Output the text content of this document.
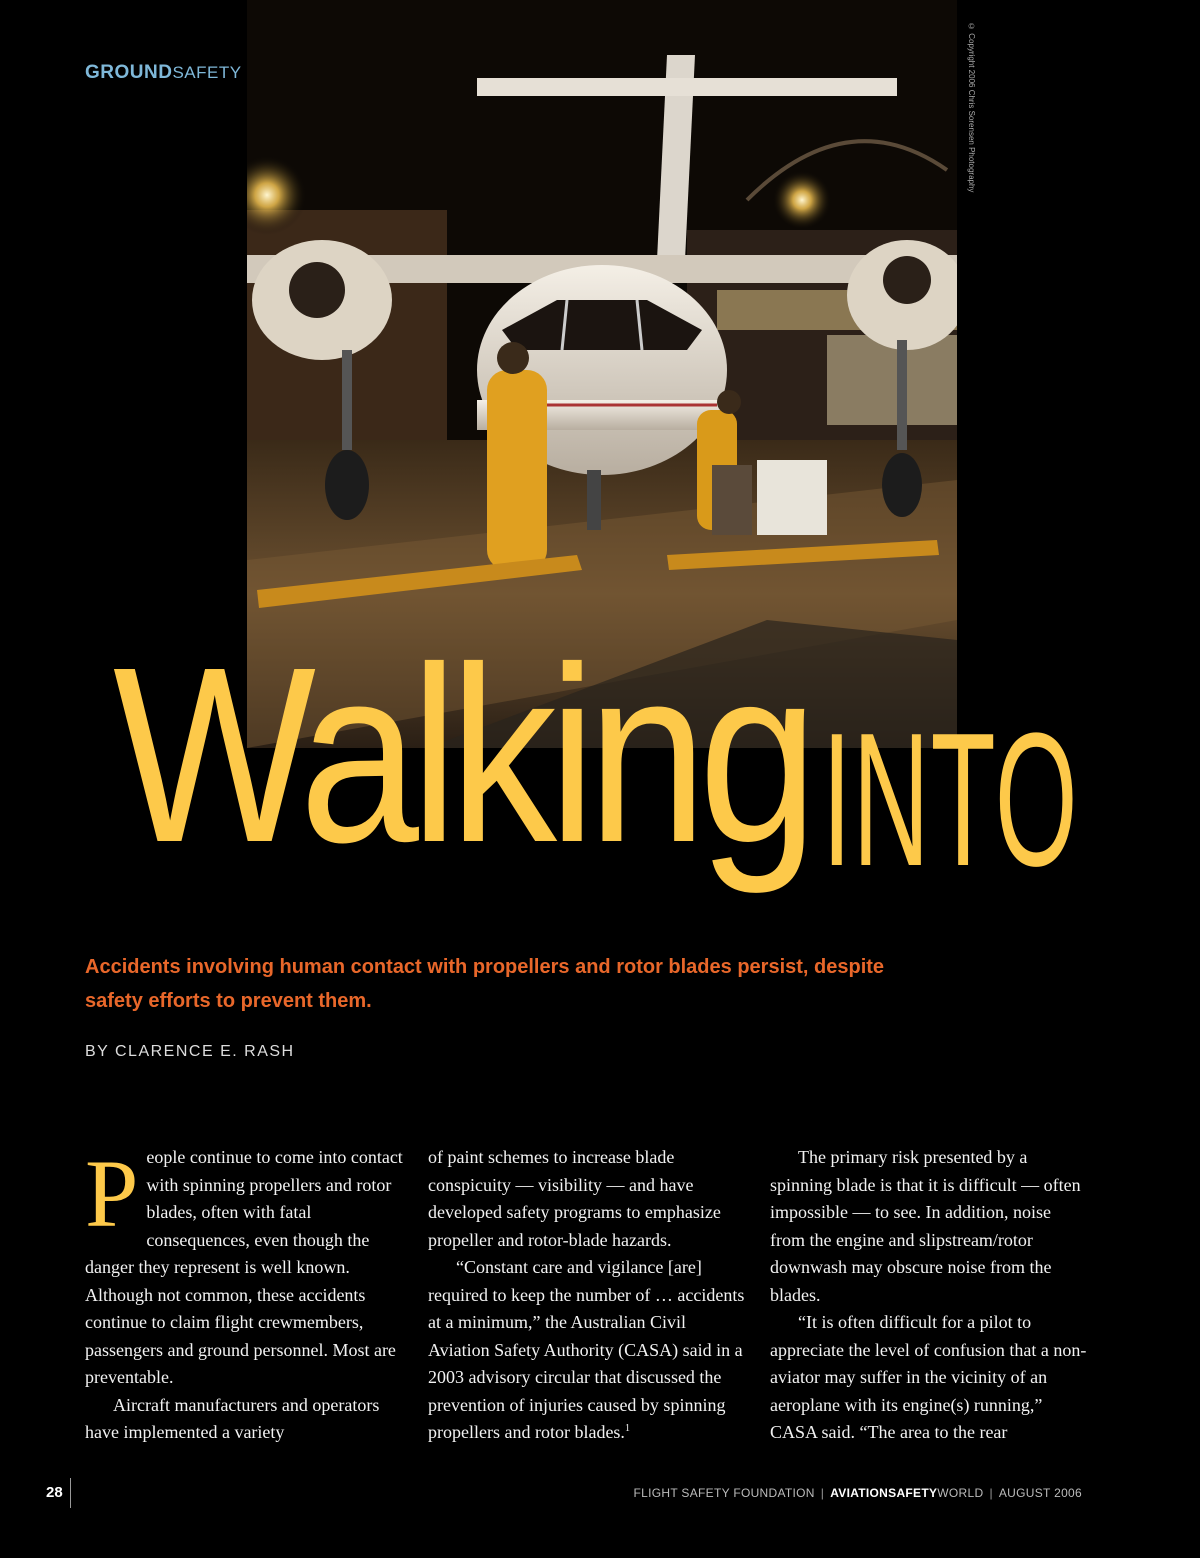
GROUNDSAFETY	© Copyright 2006 Chris Sorensen Photography
Walking INTO
Accidents involving human contact with propellers and rotor blades persist, despite safety efforts to prevent them.
BY CLARENCE E. RASH

People continue to come into contact with spinning propellers and rotor blades, often with fatal consequences, even though the danger they represent is well known. Although not common, these accidents continue to claim flight crewmembers, passengers and ground personnel. Most are preventable.

Aircraft manufacturers and operators have implemented a variety

of paint schemes to increase blade conspicuity — visibility — and have developed safety programs to emphasize propeller and rotor-blade hazards.

“Constant care and vigilance [are] required to keep the number of … accidents at a minimum,” the Australian Civil Aviation Safety Authority (CASA) said in a 2003 advisory circular that discussed the prevention of injuries caused by spinning propellers and rotor blades.$^1$

The primary risk presented by a spinning blade is that it is difficult — often impossible — to see. In addition, noise from the engine and slipstream/rotor downwash may obscure noise from the blades.

“It is often difficult for a pilot to appreciate the level of confusion that a non-aviator may suffer in the vicinity of an aeroplane with its engine(s) running,” CASA said. “The area to the rear

28	FLIGHT SAFETY FOUNDATION | AVIATIONSAFETYWORLD | AUGUST 2006
